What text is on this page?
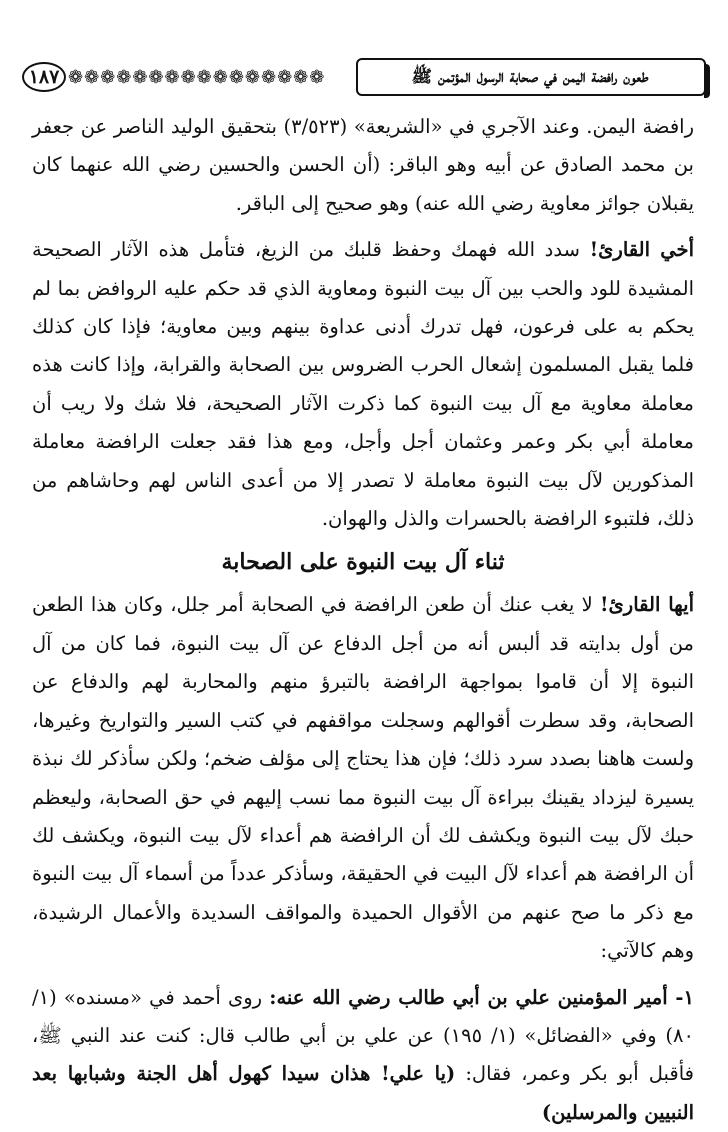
١٨٧ ❁❁❁❁❁❁❁❁❁❁❁❁❁❁❁❁	طعون رافضة اليمن في صحابة الرسول المؤتمن ﷺ

رافضة اليمن. وعند الآجري في «الشريعة» (٣/٥٢٣) بتحقيق الوليد الناصر عن جعفر بن محمد الصادق عن أبيه وهو الباقر: (أن الحسن والحسين رضي الله عنهما كان يقبلان جوائز معاوية رضي الله عنه) وهو صحيح إلى الباقر.

أخي القارئ! سدد الله فهمك وحفظ قلبك من الزيغ، فتأمل هذه الآثار الصحيحة المشيدة للود والحب بين آل بيت النبوة ومعاوية الذي قد حكم عليه الروافض بما لم يحكم به على فرعون، فهل تدرك أدنى عداوة بينهم وبين معاوية؛ فإذا كان كذلك فلما يقبل المسلمون إشعال الحرب الضروس بين الصحابة والقرابة، وإذا كانت هذه معاملة معاوية مع آل بيت النبوة كما ذكرت الآثار الصحيحة، فلا شك ولا ريب أن معاملة أبي بكر وعمر وعثمان أجل وأجل، ومع هذا فقد جعلت الرافضة معاملة المذكورين لآل بيت النبوة معاملة لا تصدر إلا من أعدى الناس لهم وحاشاهم من ذلك، فلتبوء الرافضة بالحسرات والذل والهوان.

ثناء آل بيت النبوة على الصحابة

أيها القارئ! لا يغب عنك أن طعن الرافضة في الصحابة أمر جلل، وكان هذا الطعن من أول بدايته قد ألبس أنه من أجل الدفاع عن آل بيت النبوة، فما كان من آل النبوة إلا أن قاموا بمواجهة الرافضة بالتبرؤ منهم والمحاربة لهم والدفاع عن الصحابة، وقد سطرت أقوالهم وسجلت مواقفهم في كتب السير والتواريخ وغيرها، ولست هاهنا بصدد سرد ذلك؛ فإن هذا يحتاج إلى مؤلف ضخم؛ ولكن سأذكر لك نبذة يسيرة ليزداد يقينك ببراءة آل بيت النبوة مما نسب إليهم في حق الصحابة، وليعظم حبك لآل بيت النبوة ويكشف لك أن الرافضة هم أعداء لآل بيت النبوة، ويكشف لك أن الرافضة هم أعداء لآل البيت في الحقيقة، وسأذكر عدداً من أسماء آل بيت النبوة مع ذكر ما صح عنهم من الأقوال الحميدة والمواقف السديدة والأعمال الرشيدة، وهم كالآتي:

١- أمير المؤمنين علي بن أبي طالب رضي الله عنه: روى أحمد في «مسنده» (١/ ٨٠) وفي «الفضائل» (١/ ١٩٥) عن علي بن أبي طالب قال: كنت عند النبي ﷺ، فأقبل أبو بكر وعمر، فقال: (يا علي! هذان سيدا كهول أهل الجنة وشبابها بعد النبيين والمرسلين)
